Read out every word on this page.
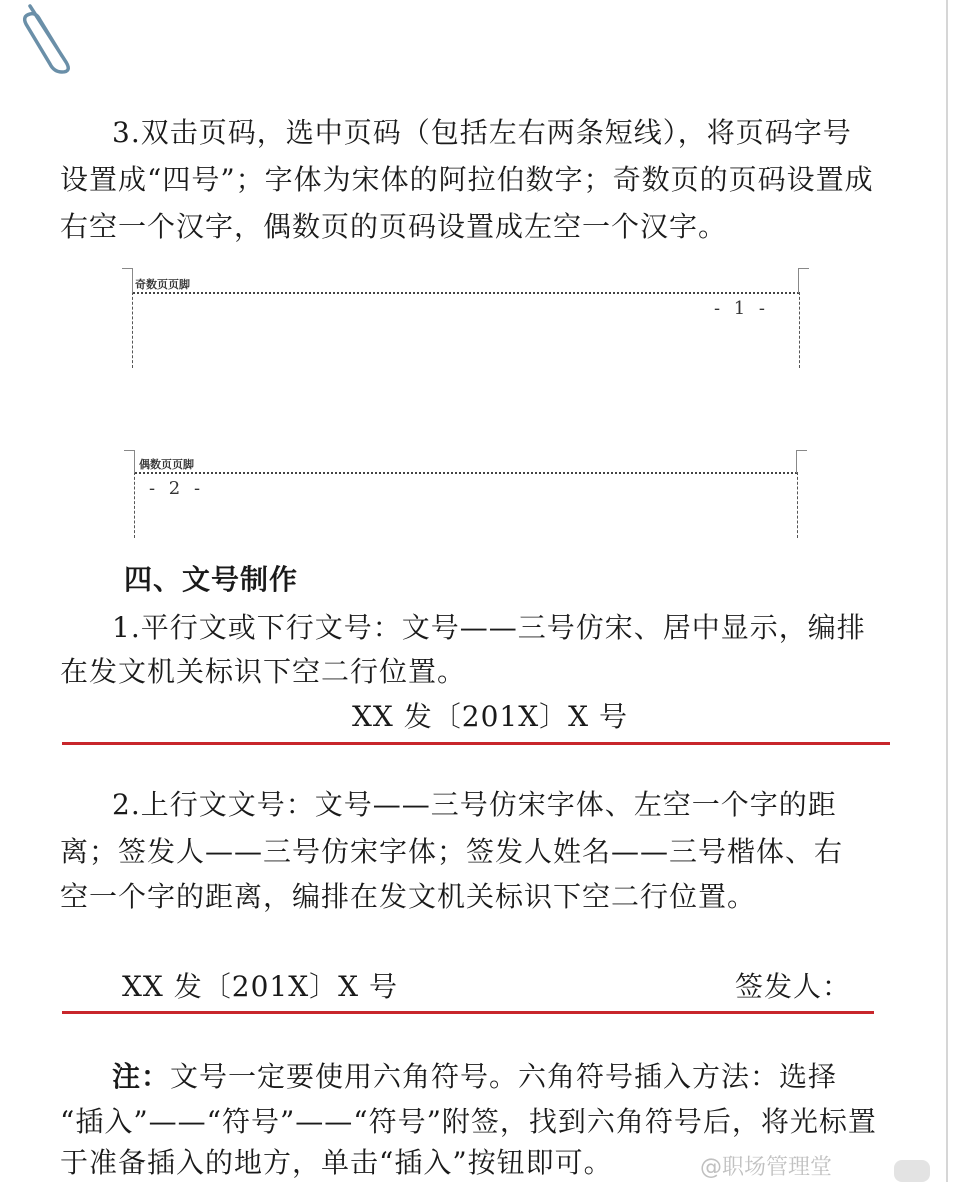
3.双击页码，选中页码（包括左右两条短线），将页码字号
设置成“四号”；字体为宋体的阿拉伯数字；奇数页的页码设置成
右空一个汉字，偶数页的页码设置成左空一个汉字。
奇数页页脚
- 1 -
偶数页页脚
- 2 -
四、文号制作
1.平行文或下行文号：文号——三号仿宋、居中显示，编排
在发文机关标识下空二行位置。
XX 发〔201X〕X 号
2.上行文文号：文号——三号仿宋字体、左空一个字的距
离；签发人——三号仿宋字体；签发人姓名——三号楷体、右
空一个字的距离，编排在发文机关标识下空二行位置。
XX 发〔201X〕X 号	签发人：
注：文号一定要使用六角符号。六角符号插入方法：选择
“插入”——“符号”——“符号”附签，找到六角符号后，将光标置
于准备插入的地方，单击“插入”按钮即可。	@职场管理堂
